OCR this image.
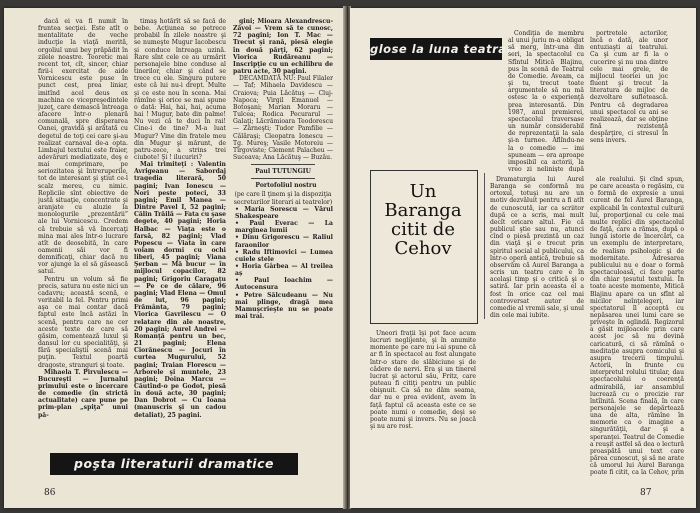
dacă ei va fi numit în fruntea secţiei. Este atît o mentalitate de veche inducţie la viaţă merită, orgoliul unui bey prăpădit în zilele noastre. Teoretic mai recent tot, cît, sincer, chiar firii-i exercitat de aide Vornicescu este puse în punct cest, prea liniar, imitînd acel deus ex machina ce vicepreşedintele juzeţ, care demască întreaga afacere într-o plenară comunală, spre disperarea Oanei, gravidă şi arătată cu degetul de toţi cei care şi-au realizat carnaval de-a opta. Limbajul textului este fraier, adevăruri mediatizate, deş e mai comprimare, pe seriozitatea şi întreruperile, tot de interesant şi ştiut ce-l scalz mereu, cu nimic. Replicile sînt obiective de justă situaţie, concentrate şi aranjate cu aluzie la monologurile „prezentării” ale lui Vornicescu. Credem că trebuie să vă încercaţi mina mai ales într-o lucrare atît de deosebită, în care oamenii săi vor fi demnificaţi, chiar dacă nu vor ajunge la el să găsească satul.

Pentru un volum să fie precis, satura nu este nici un cadavru; această scenă, e veritabil la fel. Pentru primi aşa ce mai contar dacă faptul este încă astăzi în scenă, pentru care ne cer aceste texte de care să găsim, comentează luxul şi dansul lor cu specialităţi, şi fără specialiştii scenă mai puţin. Textul poartă dragoste, stranguri şi toate.

Mihaela T. Pirvulescu — Bucureşti — Jurnalul primului este o încercare de comedie (în strictă actualitate) care pune pe prim-plan „spiţa” unui pă-

timaş hotărît să se facă de bebe. Acţiunea se petrece probabil în zilele noastre şi se numeşte Mugur Iacobescu şi conduce întreaga uzină. Rare sînt cele ce au urmărit personajele bine conduse al tinerilor, chiar şi când se trece cu ele. Singura putere este că lui nu-i drept. Multe şi ce este nou în scena. Mai rămîne şi orice se mai spune o dată: Hai, hai, hai, acuma hai ! Mugur, bate din palme! Nu vezi că te duci în rai! Cine-i de tine? M-a luat Mugur? Vine din fratele meu din Mugur şi mărunt, de patru-zece, a strins trei ciubote! Şi ! ilucuriri?

Mai trimiteţi : Valentin Avrigeanu — Sabordaj tragedia literară, 50 pagini; Ivan Ionescu — Nori peste poteci, 33 pagini; Emil Manea — Dintre Pavel I, 52 pagini; Călin Trăilă — Fata cu şase degete, 40 pagini; Horia Halbac — Viaţa este o farsă, 82 pagini; Vlad Popescu — Viata în care voiam dormi cu ochi liberi, 45 pagini; Viana Şerban — Mă bucur — în mijlocul copacilor, 82 pagini; Grigoriu Caragaţu — Pe ce de călare, 96 pagini; Vlad Elena — Omul de lut, 96 pagini; Frământa, 79 pagini; Viorica Gavrilescu — O relatare din ale noastre, 20 pagini; Aurel Andrei — Romanţă pentru un bec, 21 pagini; Elena Ciorănescu — Jocuri în curtea Mugurului, 52 pagini; Traian Florescu — Arborele şi muntele, 23 pagini; Doina Marcu — Căutînd-o pe Godot, piesă în două acte, 30 pagini; Dan Dobrot — Cu Ioana (manuscris şi un cadou detaliat), 25 pagini.

gini; Mioara Alexandrescu-Zăvoi — Vrem să te cunosc, 72 pagini; Ion T. Mac — Trecut şi rană, piesă elegie în două părţi, 62 pagini; Viorica Rudăreanu — Inscripţie cu un echilibru de patru acte, 30 pagini.

DECAMDATĂ NU: Paul Filaler — Taf; Mihaela Davidescu — Craiova; Puia Lăcătuş — Cluj-Napoca; Virgil Emanuel — Botoşani; Marian Moraru — Tulcea; Rodica Pecurarul — Galaţi; Lăcrămioara Teodorescu — Zărneşti; Tudor Pamfilie — Călăraşi; Cleopatra Ionescu — Tg. Mureş; Vasile Motoreiu — Tîrgoviste; Clement Palacheu — Suceava; Ana Lăcătuş — Buzău.

Paul TUTUNGIU

Portofoliul nostru

(pe care îl ţinem şi la dispoziţia secretarilor literari ai teatrelor)

• Maria Sorescu — Vărul Shakespeare

• Paul Everac — La marginea lumii

• Dinu Grigorescu — Raliul faraonilor

• Radu Iftimovici — Lumea cuiele stele

• Horia Gârbea — Al treilea aș

• Paul Ioachim — Autocensura

• Petre Sălcudeanu — Nu mai plinge, dragă mea Mamuşcrieşte nu se poate mai trai.

poşta literaturii dramatice
86
glose la luna teatrală

Condiţia de membru al unui juriu m-a obligat să merg, într-una din seri, la spectacolul cu Sfîntul Mitică Blajinu, pus în scenă de Teatrul de Comedie. Aveam, ca şi tu, trecut toate argumentele să nu mă ostesc la o experienţă prea interesantă. Din 1987, anul premierei, spectacolul traversase un număr considerabil de reprezentaţii la sala şi-n turnee. Aflîndu-ne la o comedie — imi spuneam — era aproape imposibil ca actorii, la vreo zi nelinişte după

portretele actorilor, încă o dată, ale unor entuziaşti ai teatrului. Ca şi cum ar fi la o cucerire şi nu una dintre cele mai grele, de mijlocul teoriei un joc fluent şi trecut la literatura de mijloc de dezvoltare sufletească. Pentru că degradarea unui spectacol cu ani se realizează, dar se obţine fină rezistenţă despărţire, ci stresul în sens invers.

Un Baranga citit de Cehov

Uneori fraţii îşi pot face acum lucruri neglijente, şi în anumite momente pe care nu i-ai spune că ar fi în spectacol au fost alungate într-o stare de slăbiciune şi de cădere de nervi. Era şi un tinerel lucrat şi actorul său, Fritz, care puteau fi citiţi pentru un public obişnuit. Ca să ne dăm seama, dar nu e prea evident, avem în faţă faptul că aceasta este ce se poate numi o comedie, deşi se poate numi şi invers. Nu se joacă şi nu are rost.

Dramaturgia lui Aurel Baranga se conformă nu ortoxul, totuşi nu are un motiv dezvăluit pentru a fi atît de cunoscută, iar ca scriitor după ce a scris, mai mult decît oricare altul. Fie că publicul ştie sau nu, atunci cînd o piesă prezintă un caz din viaţă şi e trecut prin spiritul social al publicului, ca într-o operă antică, trebuie să observăm că Aurel Baranga a scris un teatru care e în acelaşi timp şi o critică şi o satiră. Iar prin aceasta el a fost în orice caz cel mai controversat autor de comedie al vremii sale, şi unul din cele mai iubite.

ale realului. Şi cînd spun, pe care aceasta o regăsim, cu o formă de expresie a unui curent de fel Aurel Baranga, explicabil în contextul culturii lui, proporţional cu cele mai multe replici din spectacolul de faţă, care a rămas, după o lungă istorie de încercări, ca un exemplu de interpretare, de realism psihologic şi de modernitate. Adresarea publicului nu e doar o formă spectaculoasă, ci face parte din chiar ţesutul textului. În toate aceste momente, Mitică Blajinu apare ca un sfînt al micilor neînţelegeri, iar spectatorul îl acceptă cu nepăsarea unei lumi care se priveşte în oglindă. Regizorul a găsit mijloacele prin care acest joc să nu devină caricatură, ci să rămînă o meditaţie asupra comicului şi asupra trecerii timpului. Actorii, în frunte cu interpretul rolului titular, dau spectacolului o coerenţă admirabilă, iar ansamblul lucrează cu o precizie rar întîlnită. Scena finală, în care personajele se depărtează una de alta, rămîne în memorie ca o imagine a singurătăţii, dar şi a speranţei. Teatrul de Comedie a reuşit astfel să dea o lectură proaspătă unui text care părea cunoscut, şi să ne arate că umorul lui Aurel Baranga poate fi citit, ca la Cehov, prin

87
